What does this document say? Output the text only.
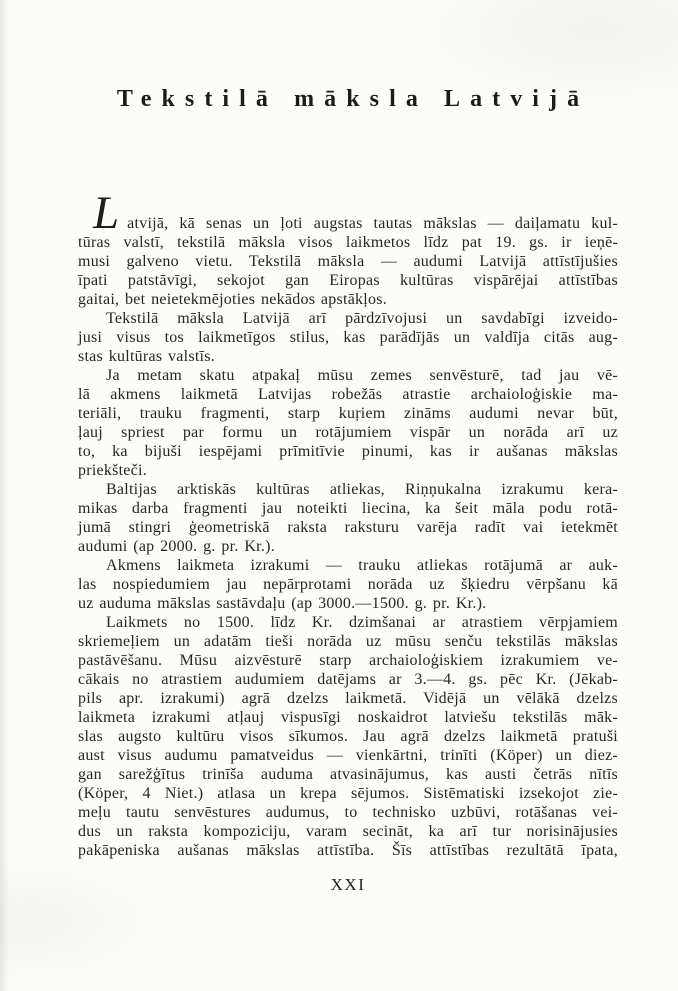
Tekstilā māksla Latvijā
Latvijā, kā senas un ļoti augstas tautas mākslas — daiļamatu kul-
tūras valstī, tekstilā māksla visos laikmetos līdz pat 19. gs. ir ieņē-
musi galveno vietu. Tekstilā māksla — audumi Latvijā attīstījušies
īpati patstāvīgi, sekojot gan Eiropas kultūras vispārējai attīstības
gaitai, bet neietekmējoties nekādos apstākļos.
Tekstilā māksla Latvijā arī pārdzīvojusi un savdabīgi izveido-
jusi visus tos laikmetīgos stilus, kas parādījās un valdīja citās aug-
stas kultūras valstīs.
Ja metam skatu atpakaļ mūsu zemes senvēsturē, tad jau vē-
lā akmens laikmetā Latvijas robežās atrastie archaioloģiskie ma-
teriāli, trauku fragmenti, starp kuŗiem zināms audumi nevar būt,
ļauj spriest par formu un rotājumiem vispār un norāda arī uz
to, ka bijuši iespējami prīmitīvie pinumi, kas ir aušanas mākslas
priekšteči.
Baltijas arktiskās kultūras atliekas, Riņņukalna izrakumu kera-
mikas darba fragmenti jau noteikti liecina, ka šeit māla podu rotā-
jumā stingri ģeometriskā raksta raksturu varēja radīt vai ietekmēt
audumi (ap 2000. g. pr. Kr.).
Akmens laikmeta izrakumi — trauku atliekas rotājumā ar auk-
las nospiedumiem jau nepārprotami norāda uz šķiedru vērpšanu kā
uz auduma mākslas sastāvdaļu (ap 3000.—1500. g. pr. Kr.).
Laikmets no 1500. līdz Kr. dzimšanai ar atrastiem vērpjamiem
skriemeļiem un adatām tieši norāda uz mūsu senču tekstilās mākslas
pastāvēšanu. Mūsu aizvēsturē starp archaioloģiskiem izrakumiem ve-
cākais no atrastiem audumiem datējams ar 3.—4. gs. pēc Kr. (Jēkab-
pils apr. izrakumi) agrā dzelzs laikmetā. Vidējā un vēlākā dzelzs
laikmeta izrakumi atļauj vispusīgi noskaidrot latviešu tekstilās māk-
slas augsto kultūru visos sīkumos. Jau agrā dzelzs laikmetā pratuši
aust visus audumu pamatveidus — vienkārtni, trinīti (Köper) un diez-
gan sarežģītus trinīša auduma atvasinājumus, kas austi četrās nītīs
(Köper, 4 Niet.) atlasa un krepa sējumos. Sistēmatiski izsekojot zie-
meļu tautu senvēstures audumus, to technisko uzbūvi, rotāšanas vei-
dus un raksta kompoziciju, varam secināt, ka arī tur norisinājusies
pakāpeniska aušanas mākslas attīstība. Šīs attīstības rezultātā īpata,
XXI
